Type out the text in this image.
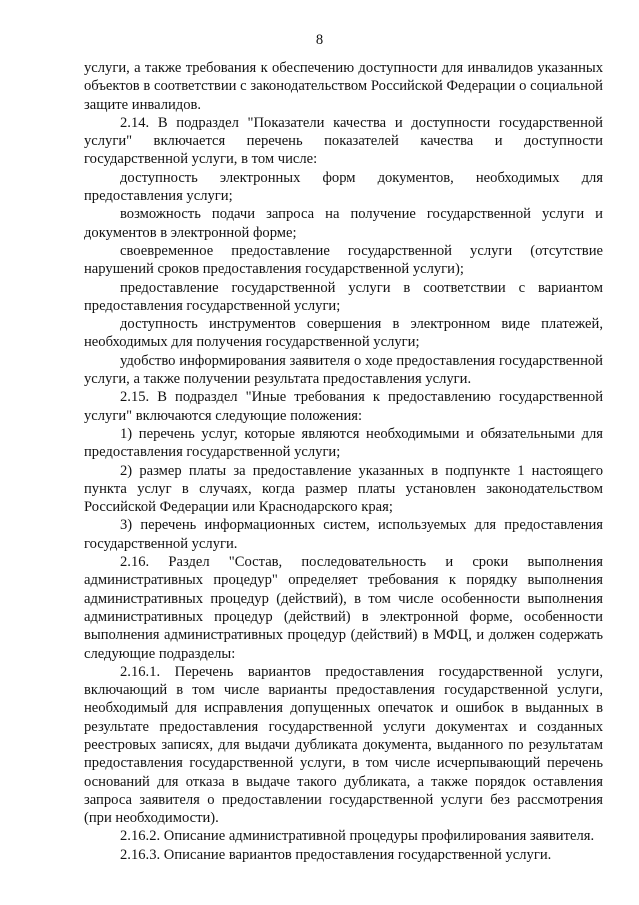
8

услуги, а также требования к обеспечению доступности для инвалидов указанных объектов в соответствии с законодательством Российской Федерации о социальной защите инвалидов.

2.14. В подраздел "Показатели качества и доступности государственной услуги" включается перечень показателей качества и доступности государственной услуги, в том числе:

доступность электронных форм документов, необходимых для предоставления услуги;

возможность подачи запроса на получение государственной услуги и документов в электронной форме;

своевременное предоставление государственной услуги (отсутствие нарушений сроков предоставления государственной услуги);

предоставление государственной услуги в соответствии с вариантом предоставления государственной услуги;

доступность инструментов совершения в электронном виде платежей, необходимых для получения государственной услуги;

удобство информирования заявителя о ходе предоставления государственной услуги, а также получении результата предоставления услуги.

2.15. В подраздел "Иные требования к предоставлению государственной услуги" включаются следующие положения:

1) перечень услуг, которые являются необходимыми и обязательными для предоставления государственной услуги;

2) размер платы за предоставление указанных в подпункте 1 настоящего пункта услуг в случаях, когда размер платы установлен законодательством Российской Федерации или Краснодарского края;

3) перечень информационных систем, используемых для предоставления государственной услуги.

2.16. Раздел "Состав, последовательность и сроки выполнения административных процедур" определяет требования к порядку выполнения административных процедур (действий), в том числе особенности выполнения административных процедур (действий) в электронной форме, особенности выполнения административных процедур (действий) в МФЦ, и должен содержать следующие подразделы:

2.16.1. Перечень вариантов предоставления государственной услуги, включающий в том числе варианты предоставления государственной услуги, необходимый для исправления допущенных опечаток и ошибок в выданных в результате предоставления государственной услуги документах и созданных реестровых записях, для выдачи дубликата документа, выданного по результатам предоставления государственной услуги, в том числе исчерпывающий перечень оснований для отказа в выдаче такого дубликата, а также порядок оставления запроса заявителя о предоставлении государственной услуги без рассмотрения (при необходимости).

2.16.2. Описание административной процедуры профилирования заявителя.

2.16.3. Описание вариантов предоставления государственной услуги.
